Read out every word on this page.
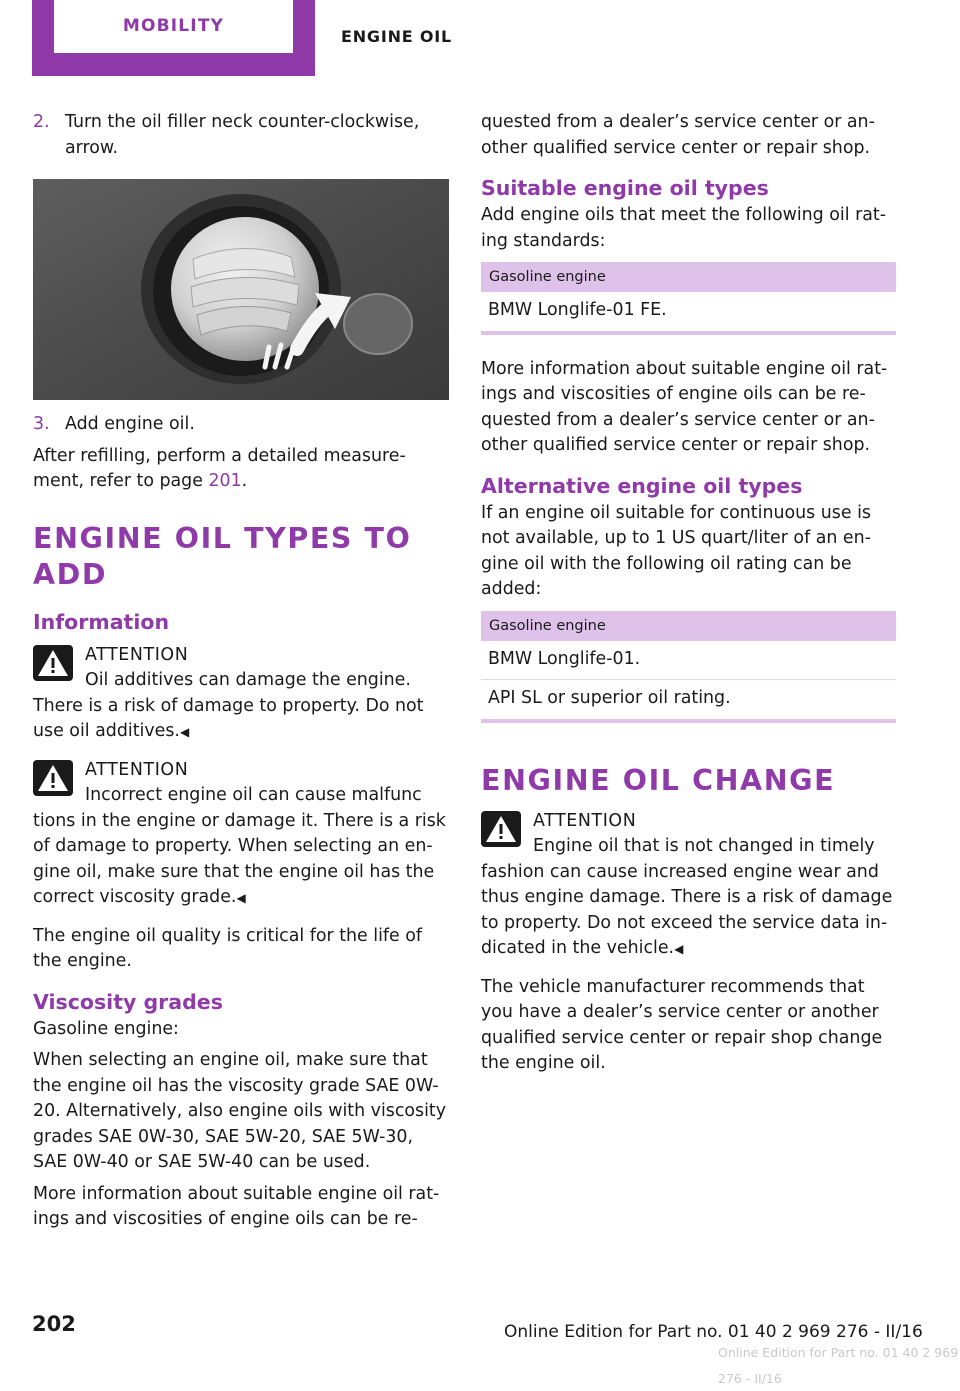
MOBILITY
ENGINE OIL
2. Turn the oil filler neck counter-clockwise, arrow.
3. Add engine oil.

After refilling, perform a detailed measurement, refer to page 201.

ENGINE OIL TYPES TO ADD
Information
ATTENTION
Oil additives can damage the engine.
There is a risk of damage to property. Do not use oil additives.◀
ATTENTION
Incorrect engine oil can cause malfunc
tions in the engine or damage it. There is a risk of damage to property. When selecting an engine oil, make sure that the engine oil has the correct viscosity grade.◀

The engine oil quality is critical for the life of the engine.

Viscosity grades

Gasoline engine:

When selecting an engine oil, make sure that the engine oil has the viscosity grade SAE 0W-20. Alternatively, also engine oils with viscosity grades SAE 0W-30, SAE 5W-20, SAE 5W-30, SAE 0W-40 or SAE 5W-40 can be used.

More information about suitable engine oil ratings and viscosities of engine oils can be re-

quested from a dealer’s service center or another qualified service center or repair shop.

Suitable engine oil types

Add engine oils that meet the following oil rating standards:

Gasoline engine
BMW Longlife-01 FE.

More information about suitable engine oil ratings and viscosities of engine oils can be requested from a dealer’s service center or another qualified service center or repair shop.

Alternative engine oil types

If an engine oil suitable for continuous use is not available, up to 1 US quart/liter of an engine oil with the following oil rating can be added:

Gasoline engine
BMW Longlife-01.
API SL or superior oil rating.
ENGINE OIL CHANGE
ATTENTION
Engine oil that is not changed in timely
fashion can cause increased engine wear and thus engine damage. There is a risk of damage to property. Do not exceed the service data indicated in the vehicle.◀

The vehicle manufacturer recommends that you have a dealer’s service center or another qualified service center or repair shop change the engine oil.

202	Online Edition for Part no. 01 40 2 969 276 - II/16
Online Edition for Part no. 01 40 2 969 276 - II/16
